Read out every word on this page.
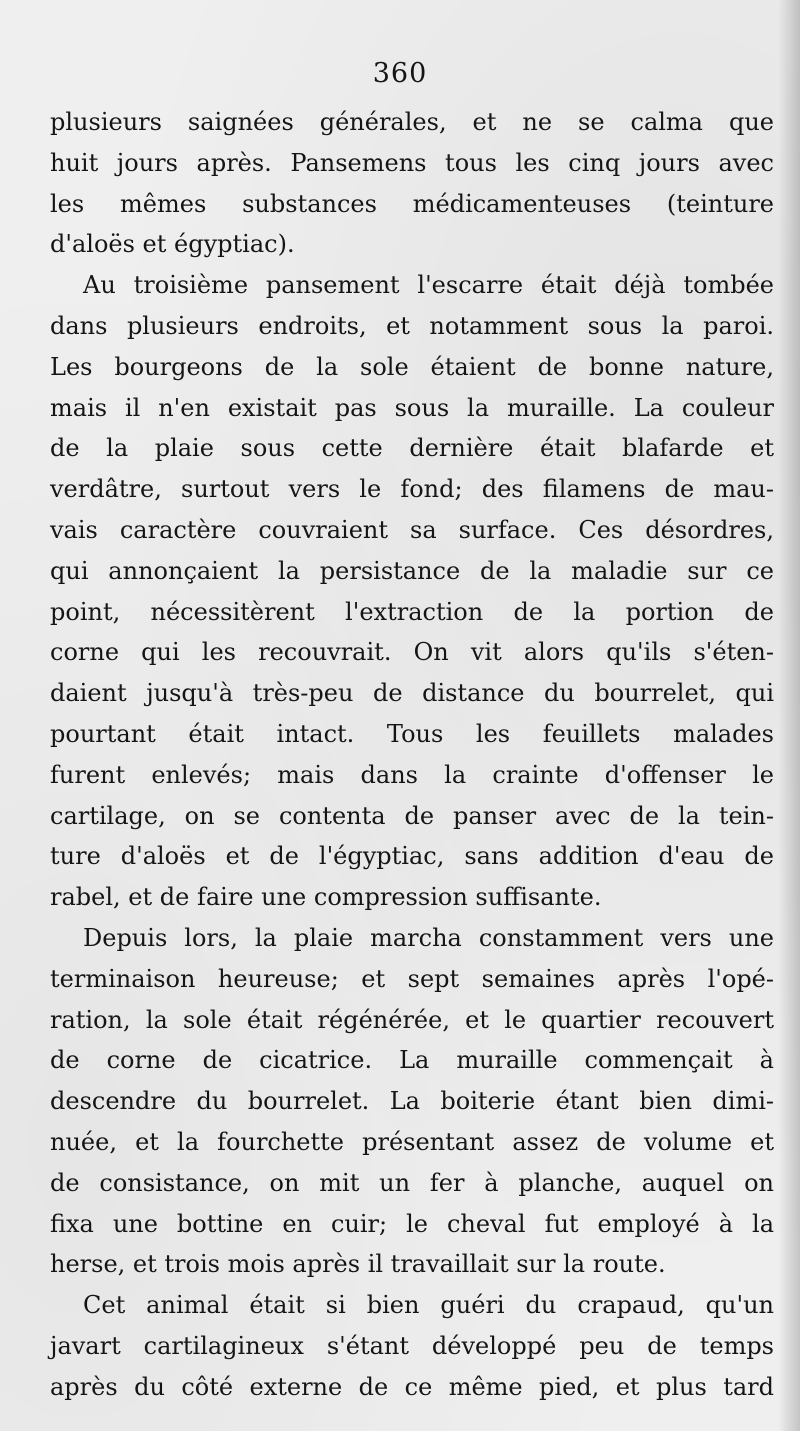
360
plusieurs saignées générales, et ne se calma que
huit jours après. Pansemens tous les cinq jours avec
les mêmes substances médicamenteuses (teinture
d'aloës et égyptiac).
Au troisième pansement l'escarre était déjà tombée
dans plusieurs endroits, et notamment sous la paroi.
Les bourgeons de la sole étaient de bonne nature,
mais il n'en existait pas sous la muraille. La couleur
de la plaie sous cette dernière était blafarde et
verdâtre, surtout vers le fond; des filamens de mau-
vais caractère couvraient sa surface. Ces désordres,
qui annonçaient la persistance de la maladie sur ce
point, nécessitèrent l'extraction de la portion de
corne qui les recouvrait. On vit alors qu'ils s'éten-
daient jusqu'à très-peu de distance du bourrelet, qui
pourtant était intact. Tous les feuillets malades
furent enlevés; mais dans la crainte d'offenser le
cartilage, on se contenta de panser avec de la tein-
ture d'aloës et de l'égyptiac, sans addition d'eau de
rabel, et de faire une compression suffisante.
Depuis lors, la plaie marcha constamment vers une
terminaison heureuse; et sept semaines après l'opé-
ration, la sole était régénérée, et le quartier recouvert
de corne de cicatrice. La muraille commençait à
descendre du bourrelet. La boiterie étant bien dimi-
nuée, et la fourchette présentant assez de volume et
de consistance, on mit un fer à planche, auquel on
fixa une bottine en cuir; le cheval fut employé à la
herse, et trois mois après il travaillait sur la route.
Cet animal était si bien guéri du crapaud, qu'un
javart cartilagineux s'étant développé peu de temps
après du côté externe de ce même pied, et plus tard
